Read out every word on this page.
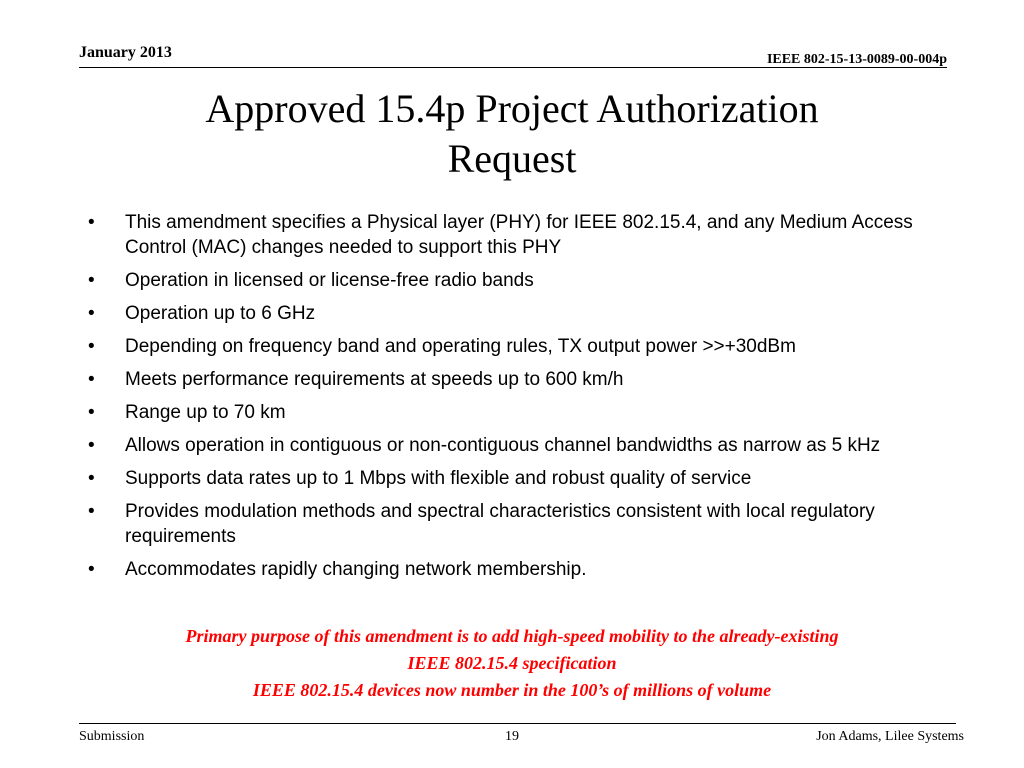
January 2013	IEEE 802-15-13-0089-00-004p
Approved 15.4p Project Authorization
Request
• This amendment specifies a Physical layer (PHY) for IEEE 802.15.4, and any Medium Access Control (MAC) changes needed to support this PHY
• Operation in licensed or license-free radio bands
• Operation up to 6 GHz
• Depending on frequency band and operating rules, TX output power >>+30dBm
• Meets performance requirements at speeds up to 600 km/h
• Range up to 70 km
• Allows operation in contiguous or non-contiguous channel bandwidths as narrow as 5 kHz
• Supports data rates up to 1 Mbps with flexible and robust quality of service
• Provides modulation methods and spectral characteristics consistent with local regulatory requirements
• Accommodates rapidly changing network membership.
Primary purpose of this amendment is to add high-speed mobility to the already-existing
IEEE 802.15.4 specification
IEEE 802.15.4 devices now number in the 100’s of millions of volume
Submission	19	Jon Adams, Lilee Systems
